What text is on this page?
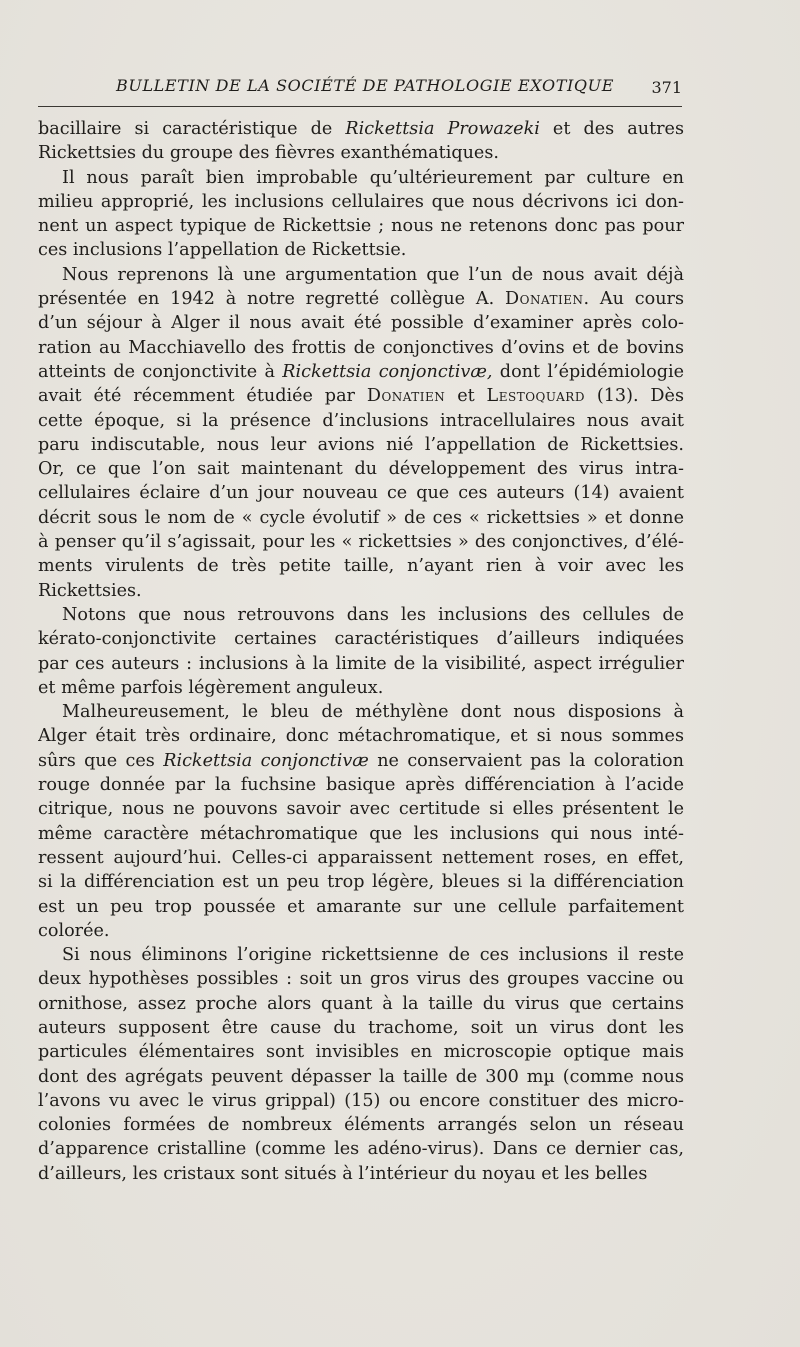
BULLETIN DE LA SOCIÉTÉ DE PATHOLOGIE EXOTIQUE 371
bacillaire si caractéristique de Rickettsia Prowazeki et des autres
Rickettsies du groupe des fièvres exanthématiques.
Il nous paraît bien improbable qu’ultérieurement par culture en
milieu approprié, les inclusions cellulaires que nous décrivons ici don-
nent un aspect typique de Rickettsie ; nous ne retenons donc pas pour
ces inclusions l’appellation de Rickettsie.
Nous reprenons là une argumentation que l’un de nous avait déjà
présentée en 1942 à notre regretté collègue A. Donatien. Au cours
d’un séjour à Alger il nous avait été possible d’examiner après colo-
ration au Macchiavello des frottis de conjonctives d’ovins et de bovins
atteints de conjonctivite à Rickettsia conjonctivæ, dont l’épidémiologie
avait été récemment étudiée par Donatien et Lestoquard (13). Dès
cette époque, si la présence d’inclusions intracellulaires nous avait
paru indiscutable, nous leur avions nié l’appellation de Rickettsies.
Or, ce que l’on sait maintenant du développement des virus intra-
cellulaires éclaire d’un jour nouveau ce que ces auteurs (14) avaient
décrit sous le nom de « cycle évolutif » de ces « rickettsies » et donne
à penser qu’il s’agissait, pour les « rickettsies » des conjonctives, d’élé-
ments virulents de très petite taille, n’ayant rien à voir avec les
Rickettsies.
Notons que nous retrouvons dans les inclusions des cellules de
kérato-conjonctivite certaines caractéristiques d’ailleurs indiquées
par ces auteurs : inclusions à la limite de la visibilité, aspect irrégulier
et même parfois légèrement anguleux.
Malheureusement, le bleu de méthylène dont nous disposions à
Alger était très ordinaire, donc métachromatique, et si nous sommes
sûrs que ces Rickettsia conjonctivæ ne conservaient pas la coloration
rouge donnée par la fuchsine basique après différenciation à l’acide
citrique, nous ne pouvons savoir avec certitude si elles présentent le
même caractère métachromatique que les inclusions qui nous inté-
ressent aujourd’hui. Celles-ci apparaissent nettement roses, en effet,
si la différenciation est un peu trop légère, bleues si la différenciation
est un peu trop poussée et amarante sur une cellule parfaitement
colorée.
Si nous éliminons l’origine rickettsienne de ces inclusions il reste
deux hypothèses possibles : soit un gros virus des groupes vaccine ou
ornithose, assez proche alors quant à la taille du virus que certains
auteurs supposent être cause du trachome, soit un virus dont les
particules élémentaires sont invisibles en microscopie optique mais
dont des agrégats peuvent dépasser la taille de 300 mµ (comme nous
l’avons vu avec le virus grippal) (15) ou encore constituer des micro-
colonies formées de nombreux éléments arrangés selon un réseau
d’apparence cristalline (comme les adéno-virus). Dans ce dernier cas,
d’ailleurs, les cristaux sont situés à l’intérieur du noyau et les belles
